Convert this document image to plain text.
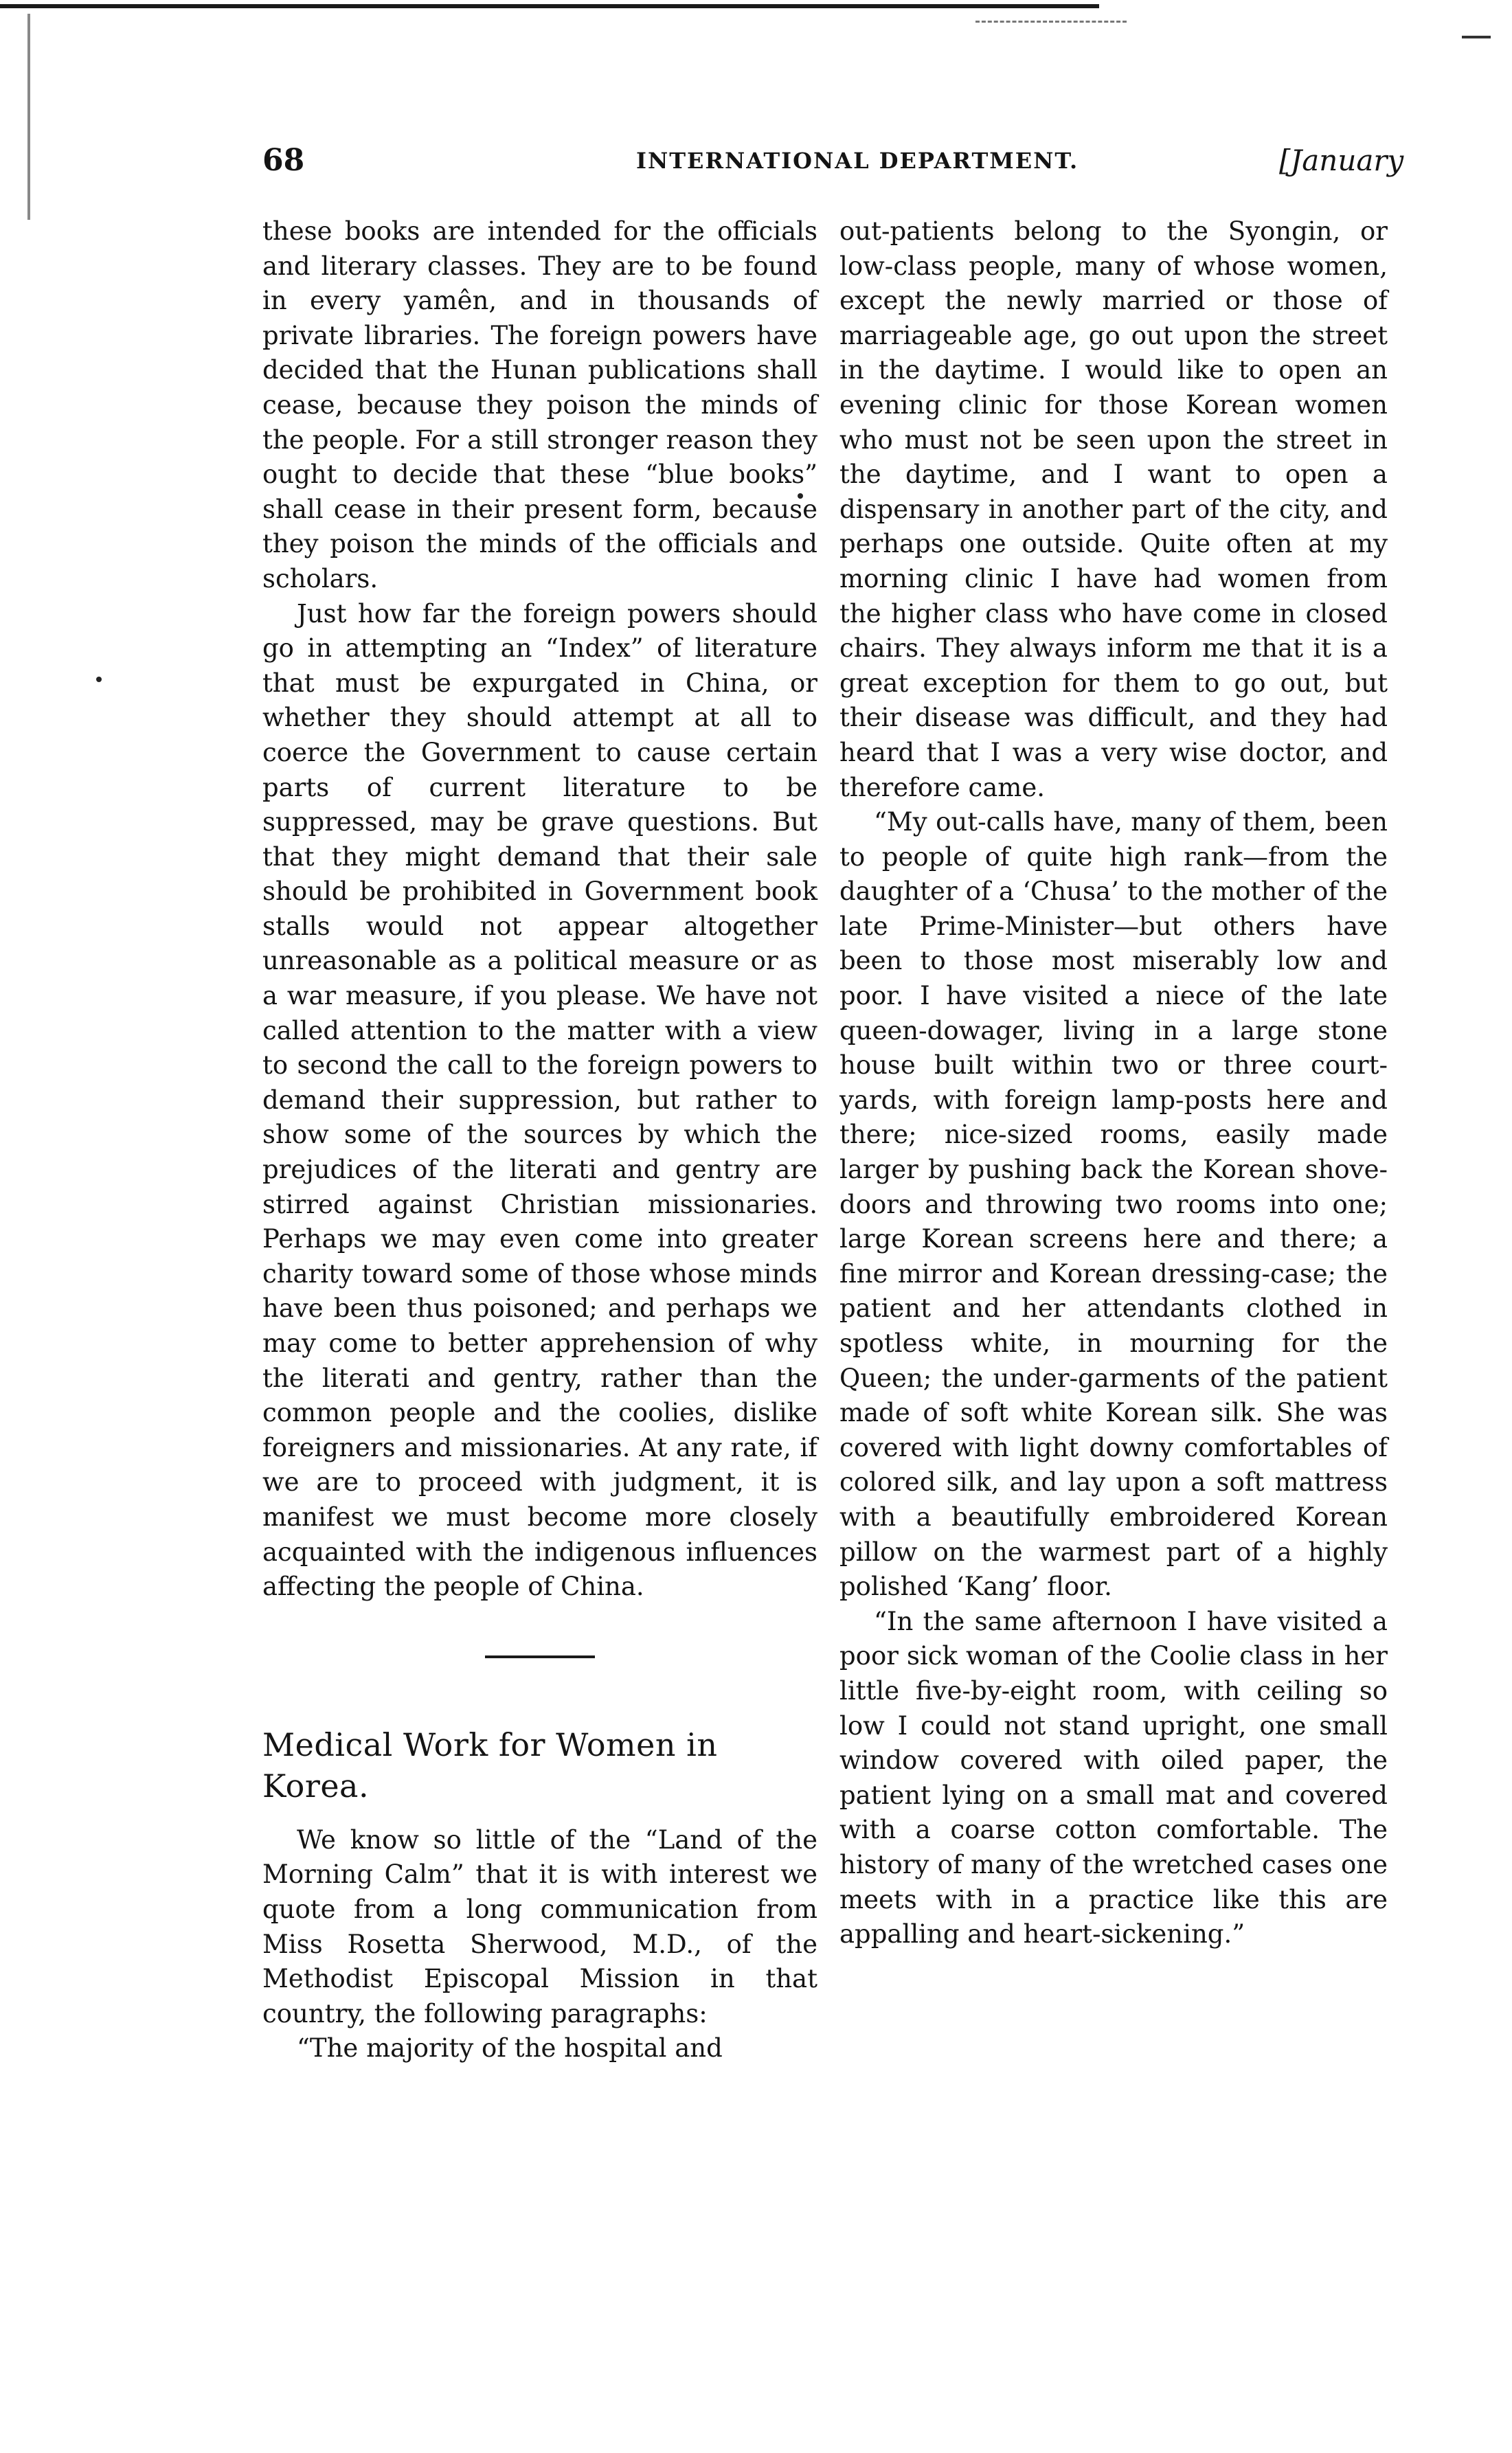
68	INTERNATIONAL DEPARTMENT.	[January

these books are intended for the officials and literary classes. They are to be found in every yamên, and in thousands of private libraries. The foreign powers have decided that the Hunan publications shall cease, because they poison the minds of the people. For a still stronger reason they ought to decide that these “blue books” shall cease in their present form, because they poison the minds of the officials and scholars.

Just how far the foreign powers should go in attempting an “Index” of literature that must be expurgated in China, or whether they should attempt at all to coerce the Government to cause certain parts of current literature to be suppressed, may be grave questions. But that they might demand that their sale should be prohibited in Government book stalls would not appear altogether unreasonable as a political measure or as a war measure, if you please. We have not called attention to the matter with a view to second the call to the foreign powers to demand their suppression, but rather to show some of the sources by which the prejudices of the literati and gentry are stirred against Christian missionaries. Perhaps we may even come into greater charity toward some of those whose minds have been thus poisoned; and perhaps we may come to better apprehension of why the literati and gentry, rather than the common people and the coolies, dislike foreigners and missionaries. At any rate, if we are to proceed with judgment, it is manifest we must become more closely acquainted with the indigenous influences affecting the people of China.

Medical Work for Women in Korea.

We know so little of the “Land of the Morning Calm” that it is with interest we quote from a long communication from Miss Rosetta Sherwood, M.D., of the Methodist Episcopal Mission in that country, the following paragraphs:

“The majority of the hospital and

out-patients belong to the Syongin, or low-class people, many of whose women, except the newly married or those of marriageable age, go out upon the street in the daytime. I would like to open an evening clinic for those Korean women who must not be seen upon the street in the daytime, and I want to open a dispensary in another part of the city, and perhaps one outside. Quite often at my morning clinic I have had women from the higher class who have come in closed chairs. They always inform me that it is a great exception for them to go out, but their disease was difficult, and they had heard that I was a very wise doctor, and therefore came.

“My out-calls have, many of them, been to people of quite high rank—from the daughter of a ‘Chusa’ to the mother of the late Prime-Minister—but others have been to those most miserably low and poor. I have visited a niece of the late queen-dowager, living in a large stone house built within two or three court-yards, with foreign lamp-posts here and there; nice-sized rooms, easily made larger by pushing back the Korean shove-doors and throwing two rooms into one; large Korean screens here and there; a fine mirror and Korean dressing-case; the patient and her attendants clothed in spotless white, in mourning for the Queen; the under-garments of the patient made of soft white Korean silk. She was covered with light downy comfortables of colored silk, and lay upon a soft mattress with a beautifully embroidered Korean pillow on the warmest part of a highly polished ‘Kang’ floor.

“In the same afternoon I have visited a poor sick woman of the Coolie class in her little five-by-eight room, with ceiling so low I could not stand upright, one small window covered with oiled paper, the patient lying on a small mat and covered with a coarse cotton comfortable. The history of many of the wretched cases one meets with in a practice like this are appalling and heart-sickening.”
